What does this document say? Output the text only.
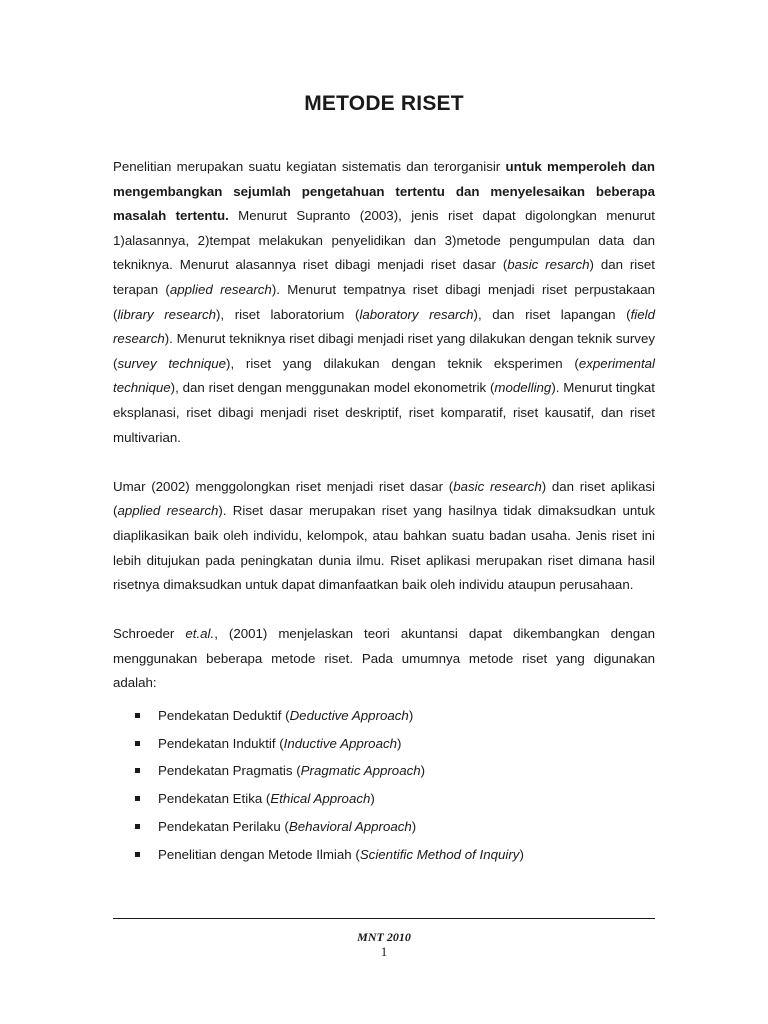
METODE RISET

Penelitian merupakan suatu kegiatan sistematis dan terorganisir untuk memperoleh dan mengembangkan sejumlah pengetahuan tertentu dan menyelesaikan beberapa masalah tertentu. Menurut Supranto (2003), jenis riset dapat digolongkan menurut 1)alasannya, 2)tempat melakukan penyelidikan dan 3)metode pengumpulan data dan tekniknya. Menurut alasannya riset dibagi menjadi riset dasar (basic resarch) dan riset terapan (applied research). Menurut tempatnya riset dibagi menjadi riset perpustakaan (library research), riset laboratorium (laboratory resarch), dan riset lapangan (field research). Menurut tekniknya riset dibagi menjadi riset yang dilakukan dengan teknik survey (survey technique), riset yang dilakukan dengan teknik eksperimen (experimental technique), dan riset dengan menggunakan model ekonometrik (modelling). Menurut tingkat eksplanasi, riset dibagi menjadi riset deskriptif, riset komparatif, riset kausatif, dan riset multivarian.

Umar (2002) menggolongkan riset menjadi riset dasar (basic research) dan riset aplikasi (applied research). Riset dasar merupakan riset yang hasilnya tidak dimaksudkan untuk diaplikasikan baik oleh individu, kelompok, atau bahkan suatu badan usaha. Jenis riset ini lebih ditujukan pada peningkatan dunia ilmu. Riset aplikasi merupakan riset dimana hasil risetnya dimaksudkan untuk dapat dimanfaatkan baik oleh individu ataupun perusahaan.

Schroeder et.al., (2001) menjelaskan teori akuntansi dapat dikembangkan dengan menggunakan beberapa metode riset. Pada umumnya metode riset yang digunakan adalah:

Pendekatan Deduktif (Deductive Approach)
Pendekatan Induktif (Inductive Approach)
Pendekatan Pragmatis (Pragmatic Approach)
Pendekatan Etika (Ethical Approach)
Pendekatan Perilaku (Behavioral Approach)
Penelitian dengan Metode Ilmiah (Scientific Method of Inquiry)
MNT 2010
1
